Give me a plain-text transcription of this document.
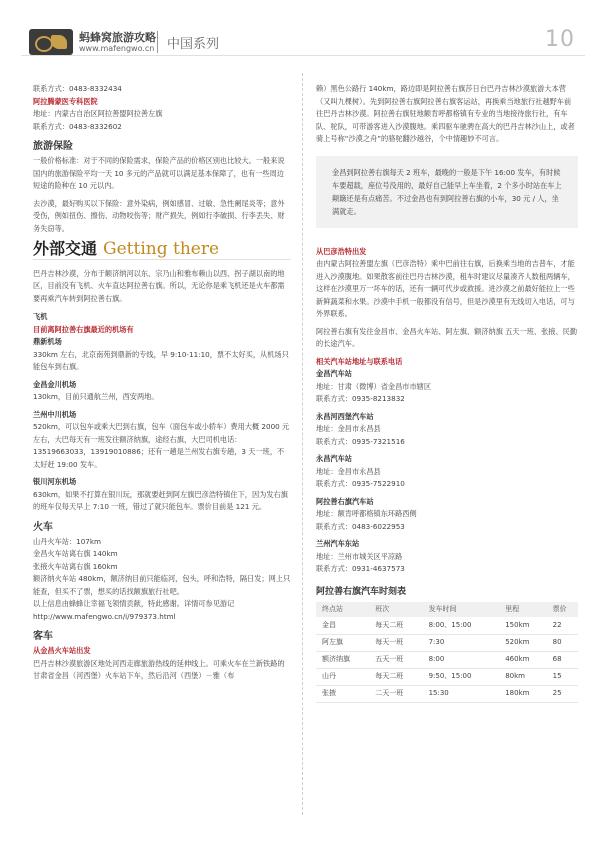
蚂蜂窝旅游攻略
www.mafengwo.cn 中国系列	10
联系方式：0483-8332434
阿拉腾蒙医专科医院
地址：内蒙古自治区阿拉善盟阿拉善左旗
联系方式：0483-8332602
旅游保险
一般价格标准：对于不同的保险需求，保险产品的价格区别也比较大。一般来说国内的旅游保险平均一天 10 多元的产品就可以满足基本保障了，也有一些周边短途的险种在 10 元以内。
去沙漠，最好购买以下保险：意外染病，例如感冒、过敏、急性阑尾炎等；意外受伤，例如扭伤、擦伤、动物咬伤等；财产损失，例如行李破损、行李丢失、财务失窃等。
外部交通 Getting there
巴丹吉林沙漠，分布于额济纳河以东、宗乃山和雅布赖山以西、拐子湖以南的地区，目前没有飞机、火车直达阿拉善右旗。所以，无论你是乘飞机还是火车都需要再乘汽车转到阿拉善右旗。
飞机
目前离阿拉善右旗最近的机场有
鼎新机场
330km 左右，北京南苑到鼎新的专线，早 9:10-11:10，票不太好买，从机场只能包车到右旗。
金昌金川机场
130km，目前只通航兰州，西安两地。
兰州中川机场
520km，可以包车或乘大巴到右旗，包车（面包车或小轿车）费用大概 2000 元左右，大巴每天有一班发往额济纳旗，途经右旗，大巴司机电话：13519663033，13919010886；还有一趟是兰州发右旗专趟，3 天一班，不太好赶 19:00 发车。
银川河东机场
630km，如果不打算在银川玩，那就要赶到阿左旗巴彦浩特镇住下，因为发右旗的班车仅每天早上 7:10 一班，错过了就只能包车。票价目前是 121 元。
火车
山丹火车站：107km
金昌火车站离右旗 140km
张掖火车站离右旗 160km
额济纳火车站 480km，额济纳目前只能临河，包头，呼和浩特，隔日发；网上只能查，但买不了票，想买的话找额旗旅行社吧。
以上信息由蜂蜂让幸福飞领情贡献，特此感谢。详情可参见游记
http://www.mafengwo.cn/i/979373.html
客车
从金昌火车站出发
巴丹吉林沙漠旅游区地处河西走廊旅游热线的延伸线上。可乘火车在兰新铁路的甘肃省金昌（河西堡）火车站下车，然后沿河（西堡）－雅（布
赖）黑色公路行 140km，路边即是阿拉善右旗莎日台巴丹吉林沙漠旅游大本营（又叫九棵树）。先到阿拉善右旗阿拉善右旗客运站，再换乘当地旅行社越野车前往巴丹吉林沙漠。阿拉善右旗驻地额肯呼都格镇有专业的当地接待旅行社，有车队、驼队，可带游客进入沙漠腹地。乘四驱车驰骋在高大的巴丹吉林沙山上，或者骑上号称“沙漠之舟”的骆驼翻沙越谷，个中情趣妙不可言。
金昌到阿拉善右旗每天 2 班车，最晚的一般是下午 16:00 发车，有时候车要超载，座位号没用的，最好自己能早上车坐着，2 个多小时站在车上颠簸还是有点痛苦。不过金昌也有到阿拉善右旗的小车，30 元 / 人，坐满就走。
从巴彦浩特出发
由内蒙古阿拉善盟左旗（巴彦浩特）乘中巴前往右旗，后换乘当地的吉普车，才能进入沙漠腹地。如果散客前往巴丹吉林沙漠，租车时建议尽量凑齐人数租两辆车，这样在沙漠里万一坏车的话，还有一辆可代步或救援。进沙漠之前最好能拉上一些新鲜蔬菜和水果。沙漠中手机一般都没有信号，但是沙漠里有无线切入电话，可与外界联系。
阿拉善右旗有发往金昌市、金昌火车站、阿左旗、额济纳旗 五天一班、张掖、民勤的长途汽车。
相关汽车站地址与联系电话
金昌汽车站
地址：甘肃（微博）省金昌市市辖区
联系方式：0935-8213832
永昌河西堡汽车站
地址：金昌市永昌县
联系方式：0935-7321516
永昌汽车站
地址：金昌市永昌县
联系方式：0935-7522910
阿拉善右旗汽车站
地址：额肯呼都格镇东环路西侧
联系方式：0483-6022953
兰州汽车东站
地址：兰州市城关区平凉路
联系方式：0931-4637573
阿拉善右旗汽车时刻表
终点站	班次	发车时间	里程	票价
金昌	每天二班	8:00、15:00	150km	22
阿左旗	每天一班	7:30	520km	80
额济纳旗	五天一班	8:00	460km	68
山丹	每天二班	9:50、15:00	80km	15
张掖	二天一班	15:30	180km	25
